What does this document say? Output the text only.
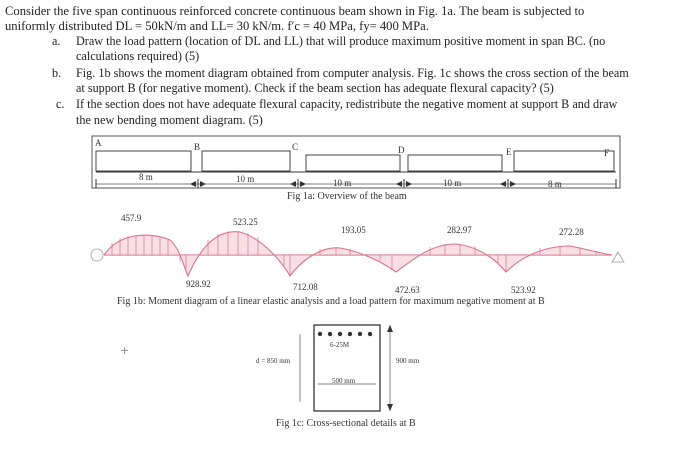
Consider the five span continuous reinforced concrete continuous beam shown in Fig. 1a. The beam is subjected to
uniformly distributed DL = 50kN/m and LL= 30 kN/m. f′c = 40 MPa, fy= 400 MPa.
a. Draw the load pattern (location of DL and LL) that will produce maximum positive moment in span BC. (no
calculations required) (5)
b. Fig. 1b shows the moment diagram obtained from computer analysis. Fig. 1c shows the cross section of the beam
at support B (for negative moment). Check if the beam section has adequate flexural capacity? (5)
c. If the section does not have adequate flexural capacity, redistribute the negative moment at support B and draw
the new bending moment diagram. (5)
A	B	C	D	E	F
8 m	10 m	10 m	10 m	8 m
Fig 1a: Overview of the beam
457.9	523.25
193.05	282.97	272.28
928.92	712.08	472.63	523.92
Fig 1b: Moment diagram of a linear elastic analysis and a load pattern for maximum negative moment at B
+	6-25M
d = 850 mm	900 mm
500 mm
Fig 1c: Cross-sectional details at B
